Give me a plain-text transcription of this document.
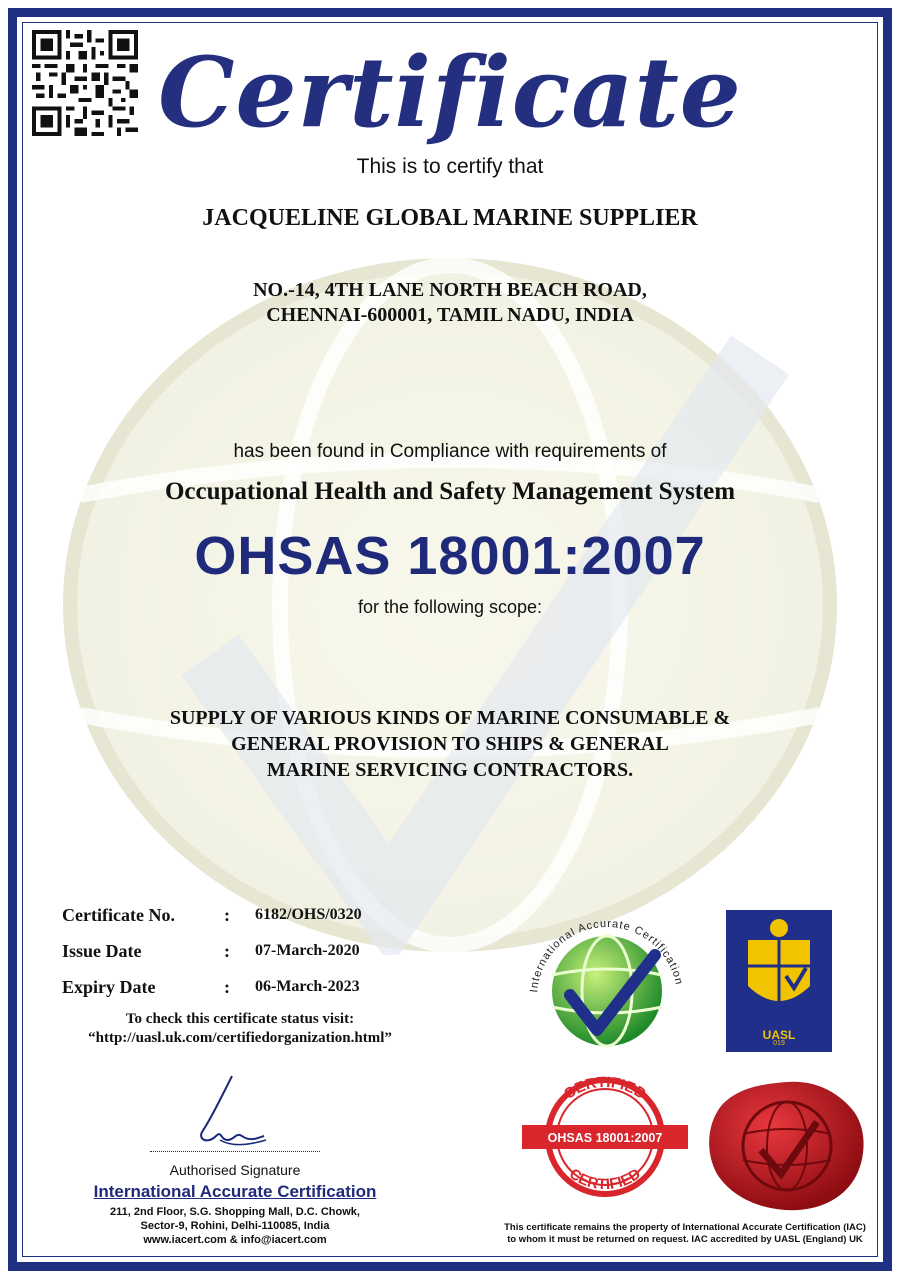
Certificate
This is to certify that
JACQUELINE GLOBAL MARINE SUPPLIER
NO.-14, 4TH LANE NORTH BEACH ROAD,
CHENNAI-600001, TAMIL NADU, INDIA
has been found in Compliance with requirements of
Occupational Health and Safety Management System
OHSAS 18001:2007
for the following scope:
SUPPLY OF VARIOUS KINDS OF MARINE CONSUMABLE &
GENERAL PROVISION TO SHIPS & GENERAL
MARINE SERVICING CONTRACTORS.
Certificate No.	: 6182/OHS/0320
Issue Date	: 07-March-2020
Expiry Date	: 06-March-2023
To check this certificate status visit:
“http://uasl.uk.com/certifiedorganization.html”
Authorised Signature
International Accurate Certification
211, 2nd Floor, S.G. Shopping Mall, D.C. Chowk,
Sector-9, Rohini, Delhi-110085, India
www.iacert.com & info@iacert.com
International Accurate Certification
UASL
019
CERTIFIED
CERTIFIED
OHSAS 18001:2007
This certificate remains the property of International Accurate Certification (IAC)
to whom it must be returned on request. IAC accredited by UASL (England) UK
